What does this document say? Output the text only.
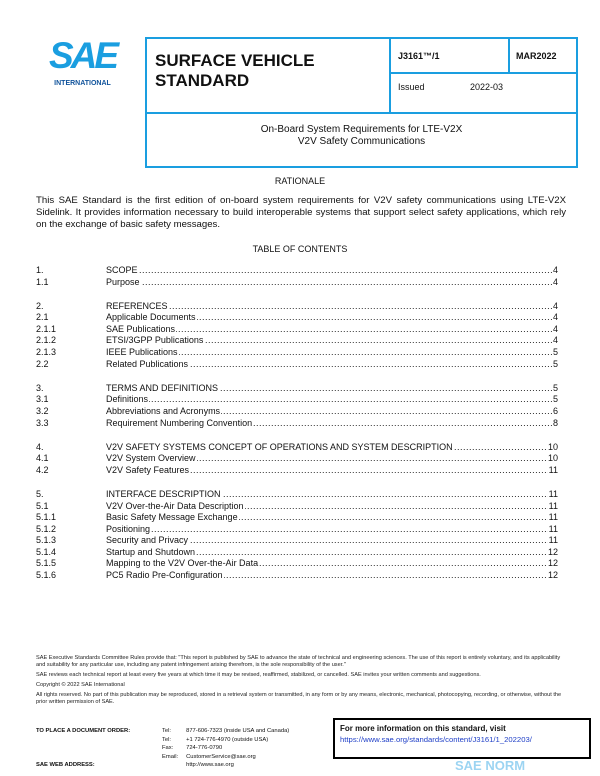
SAE
INTERNATIONAL
SURFACE VEHICLE STANDARD
J3161™/1	MAR2022
Issued	2022-03
On-Board System Requirements for LTE-V2X
V2V Safety Communications
RATIONALE
This SAE Standard is the first edition of on-board system requirements for V2V safety communications using LTE-V2X Sidelink. It provides information necessary to build interoperable systems that support select safety applications, which rely on the exchange of basic safety messages.
TABLE OF CONTENTS
1.	SCOPE .....	4
1.1	Purpose .....	4
2.	REFERENCES .....	4
2.1	Applicable Documents .....	4
2.1.1	SAE Publications .....	4
2.1.2	ETSI/3GPP Publications .....	4
2.1.3	IEEE Publications .....	5
2.2	Related Publications .....	5
3.	TERMS AND DEFINITIONS .....	5
3.1	Definitions .....	5
3.2	Abbreviations and Acronyms .....	6
3.3	Requirement Numbering Convention .....	8
4.	V2V SAFETY SYSTEMS CONCEPT OF OPERATIONS AND SYSTEM DESCRIPTION .....	10
4.1	V2V System Overview .....	10
4.2	V2V Safety Features .....	11
5.	INTERFACE DESCRIPTION .....	11
5.1	V2V Over-the-Air Data Description .....	11
5.1.1	Basic Safety Message Exchange .....	11
5.1.2	Positioning .....	11
5.1.3	Security and Privacy .....	11
5.1.4	Startup and Shutdown .....	12
5.1.5	Mapping to the V2V Over-the-Air Data .....	12
5.1.6	PC5 Radio Pre-Configuration .....	12

SAE Executive Standards Committee Rules provide that: "This report is published by SAE to advance the state of technical and engineering sciences. The use of this report is entirely voluntary, and its applicability and suitability for any particular use, including any patent infringement arising therefrom, is the sole responsibility of the user."

SAE reviews each technical report at least every five years at which time it may be revised, reaffirmed, stabilized, or cancelled. SAE invites your written comments and suggestions.

Copyright © 2022 SAE International

All rights reserved. No part of this publication may be reproduced, stored in a retrieval system or transmitted, in any form or by any means, electronic, mechanical, photocopying, recording, or otherwise, without the prior written permission of SAE.

TO PLACE A DOCUMENT ORDER:
SAE WEB ADDRESS:
Tel:	877-606-7323 (inside USA and Canada)
Tel:	+1 724-776-4970 (outside USA)
Fax:	724-776-0790
Email:	CustomerService@sae.org
	http://www.sae.org
For more information on this standard, visit
https://www.sae.org/standards/content/J3161/1_202203/
SAE NORM
